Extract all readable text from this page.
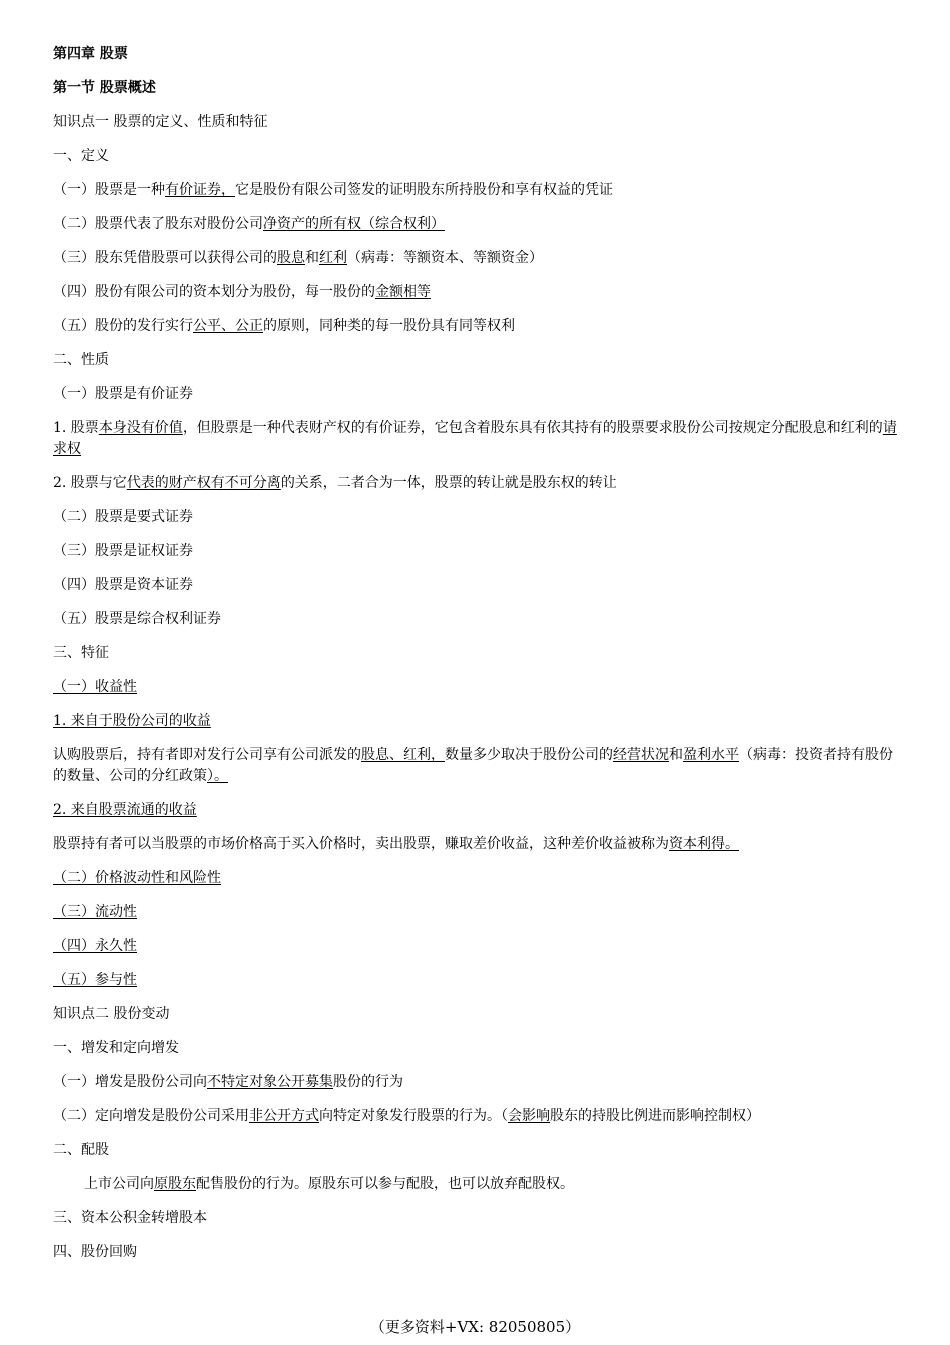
第四章 股票
第一节 股票概述
知识点一 股票的定义、性质和特征
一、定义
（一）股票是一种有价证券，它是股份有限公司签发的证明股东所持股份和享有权益的凭证
（二）股票代表了股东对股份公司净资产的所有权（综合权利）
（三）股东凭借股票可以获得公司的股息和红利（病毒：等额资本、等额资金）
（四）股份有限公司的资本划分为股份，每一股份的金额相等
（五）股份的发行实行公平、公正的原则，同种类的每一股份具有同等权利
二、性质
（一）股票是有价证券
1. 股票本身没有价值，但股票是一种代表财产权的有价证券，它包含着股东具有依其持有的股票要求股份公司按规定分配股息和红利的请求权
2. 股票与它代表的财产权有不可分离的关系，二者合为一体，股票的转让就是股东权的转让
（二）股票是要式证券
（三）股票是证权证券
（四）股票是资本证券
（五）股票是综合权利证券
三、特征
（一）收益性
1. 来自于股份公司的收益
认购股票后，持有者即对发行公司享有公司派发的股息、红利，数量多少取决于股份公司的经营状况和盈利水平（病毒：投资者持有股份的数量、公司的分红政策）。
2. 来自股票流通的收益
股票持有者可以当股票的市场价格高于买入价格时，卖出股票，赚取差价收益，这种差价收益被称为资本利得。
（二）价格波动性和风险性
（三）流动性
（四）永久性
（五）参与性
知识点二 股份变动
一、增发和定向增发
（一）增发是股份公司向不特定对象公开募集股份的行为
（二）定向增发是股份公司采用非公开方式向特定对象发行股票的行为。（会影响股东的持股比例进而影响控制权）
二、配股
上市公司向原股东配售股份的行为。原股东可以参与配股，也可以放弃配股权。
三、资本公积金转增股本
四、股份回购
（更多资料+VX: 82050805）
